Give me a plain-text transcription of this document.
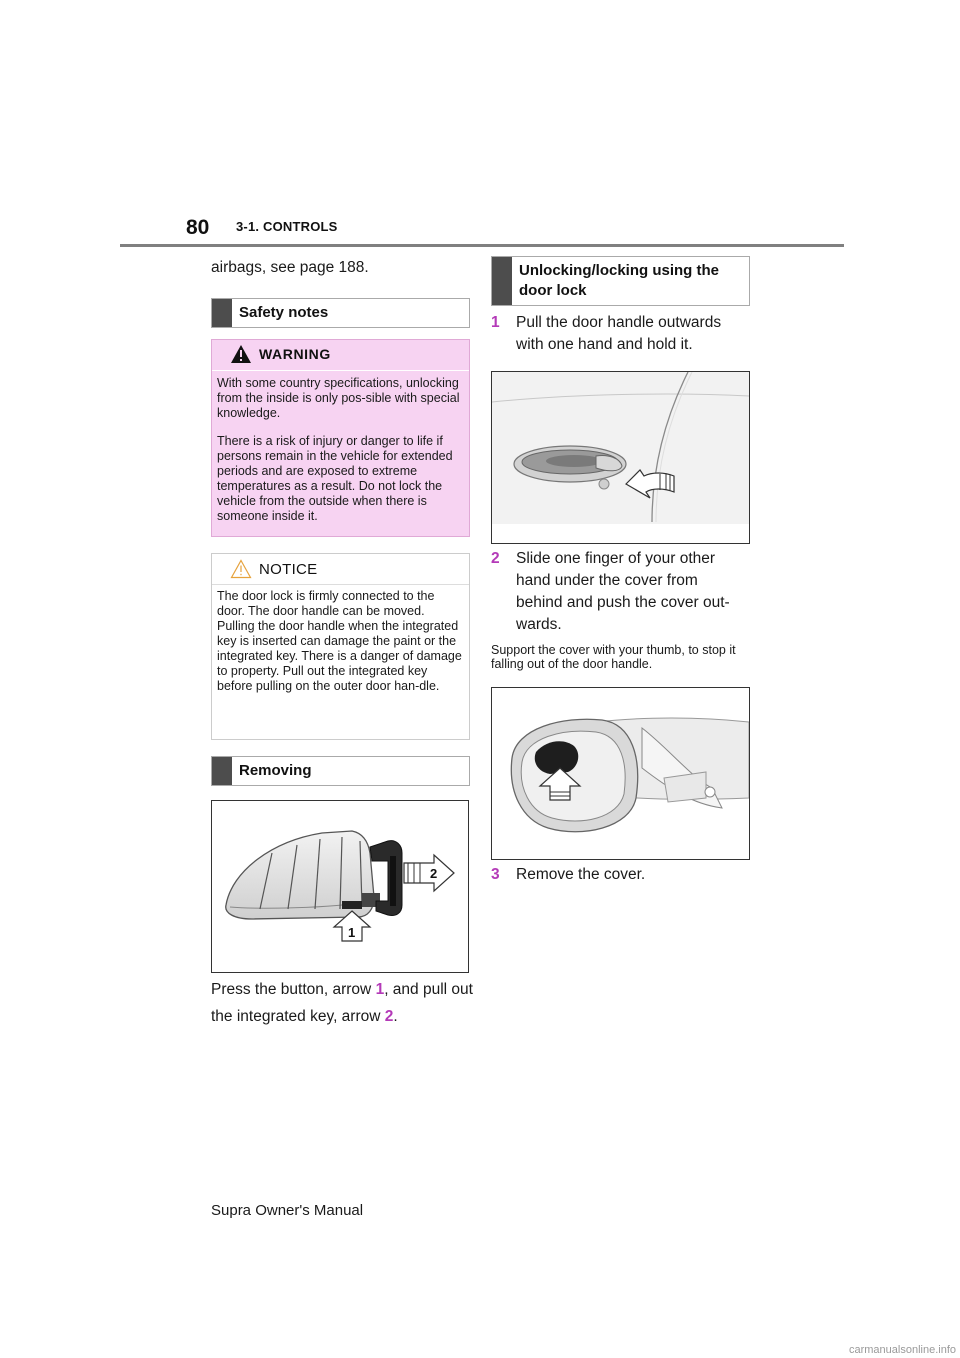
80 3-1. CONTROLS
airbags, see page 188.
Safety notes
WARNING
With some country specifications, unlocking from the inside is only pos-sible with special knowledge.
There is a risk of injury or danger to life if persons remain in the vehicle for extended periods and are exposed to extreme temperatures as a result. Do not lock the vehicle from the outside when there is someone inside it.
NOTICE
The door lock is firmly connected to the door. The door handle can be moved. Pulling the door handle when the integrated key is inserted can damage the paint or the integrated key. There is a danger of damage to property. Pull out the integrated key before pulling on the outer door han-dle.
Removing
2
1
Press the button, arrow 1, and pull out the integrated key, arrow 2.
Unlocking/locking using the door lock
1	Pull the door handle outwards with one hand and hold it.
2	Slide one finger of your other hand under the cover from behind and push the cover out-wards.
Support the cover with your thumb, to stop it falling out of the door handle.
3	Remove the cover.
Supra Owner's Manual
carmanualsonline.info
